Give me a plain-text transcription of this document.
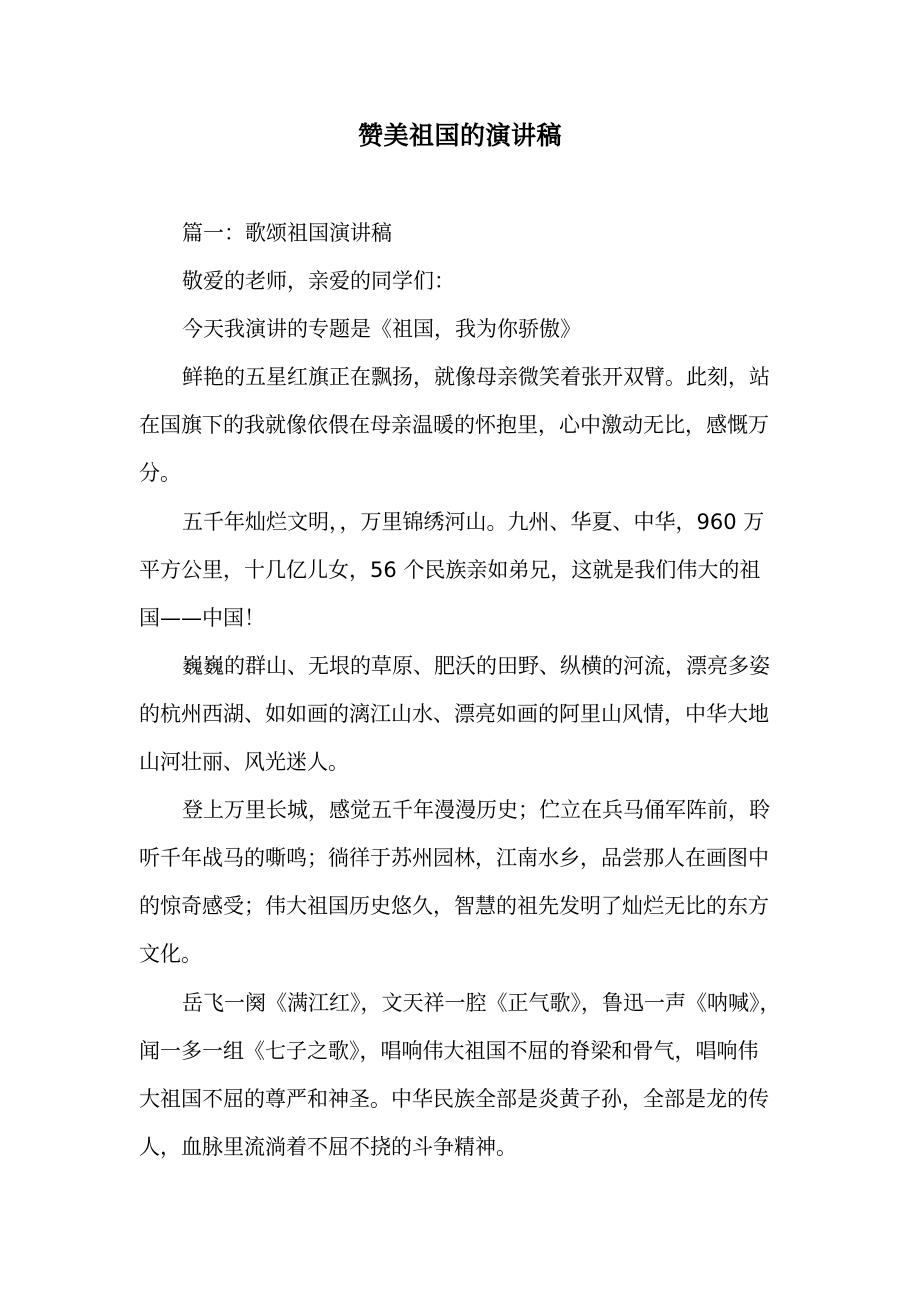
赞美祖国的演讲稿
篇一：歌颂祖国演讲稿
敬爱的老师，亲爱的同学们：
今天我演讲的专题是《祖国，我为你骄傲》
鲜艳的五星红旗正在飘扬，就像母亲微笑着张开双臂。此刻，站
在国旗下的我就像依偎在母亲温暖的怀抱里，心中激动无比，感慨万
分。
五千年灿烂文明，，万里锦绣河山。九州、华夏、中华，960 万
平方公里，十几亿儿女，56 个民族亲如弟兄，这就是我们伟大的祖
国——中国！
巍巍的群山、无垠的草原、肥沃的田野、纵横的河流，漂亮多姿
的杭州西湖、如如画的漓江山水、漂亮如画的阿里山风情，中华大地
山河壮丽、风光迷人。
登上万里长城，感觉五千年漫漫历史；伫立在兵马俑军阵前，聆
听千年战马的嘶鸣；徜徉于苏州园林，江南水乡，品尝那人在画图中
的惊奇感受；伟大祖国历史悠久，智慧的祖先发明了灿烂无比的东方
文化。
岳飞一阕《满江红》，文天祥一腔《正气歌》，鲁迅一声《呐喊》，
闻一多一组《七子之歌》，唱响伟大祖国不屈的脊梁和骨气，唱响伟
大祖国不屈的尊严和神圣。中华民族全部是炎黄子孙，全部是龙的传
人，血脉里流淌着不屈不挠的斗争精神。
